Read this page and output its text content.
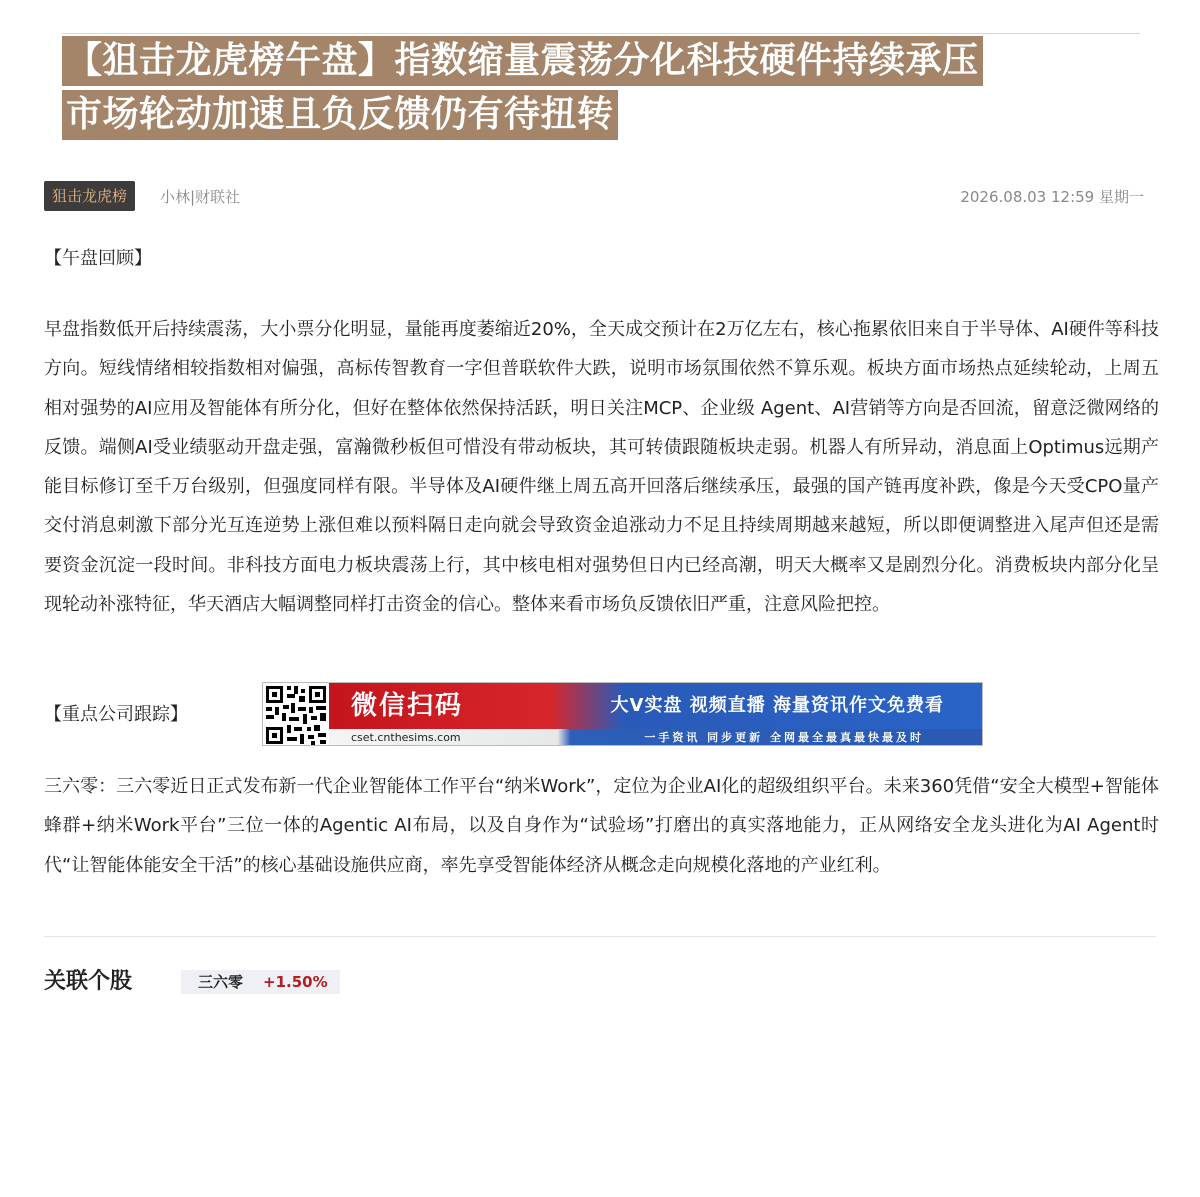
【狙击龙虎榜午盘】指数缩量震荡分化科技硬件持续承压
市场轮动加速且负反馈仍有待扭转
狙击龙虎榜	小林|财联社	2026.08.03 12:59 星期一
【午盘回顾】

早盘指数低开后持续震荡，大小票分化明显，量能再度萎缩近20%，全天成交预计在2万亿左右，核心拖累依旧来自于半导体、AI硬件等科技方向。短线情绪相较指数相对偏强，高标传智教育一字但普联软件大跌，说明市场氛围依然不算乐观。板块方面市场热点延续轮动，上周五相对强势的AI应用及智能体有所分化，但好在整体依然保持活跃，明日关注MCP、企业级 Agent、AI营销等方向是否回流，留意泛微网络的反馈。端侧AI受业绩驱动开盘走强，富瀚微秒板但可惜没有带动板块，其可转债跟随板块走弱。机器人有所异动，消息面上Optimus远期产能目标修订至千万台级别，但强度同样有限。半导体及AI硬件继上周五高开回落后继续承压，最强的国产链再度补跌，像是今天受CPO量产交付消息刺激下部分光互连逆势上涨但难以预料隔日走向就会导致资金追涨动力不足且持续周期越来越短，所以即便调整进入尾声但还是需要资金沉淀一段时间。非科技方面电力板块震荡上行，其中核电相对强势但日内已经高潮，明天大概率又是剧烈分化。消费板块内部分化呈现轮动补涨特征，华天酒店大幅调整同样打击资金的信心。整体来看市场负反馈依旧严重，注意风险把控。

【重点公司跟踪】	微信扫码	大V实盘 视频直播 海量资讯作文免费看
cset.cnthesims.com	一手资讯 同步更新 全网最全最真最快最及时

三六零：三六零近日正式发布新一代企业智能体工作平台“纳米Work”，定位为企业AI化的超级组织平台。未来360凭借“安全大模型+智能体蜂群+纳米Work平台”三位一体的Agentic AI布局，以及自身作为“试验场”打磨出的真实落地能力，正从网络安全龙头进化为AI Agent时代“让智能体能安全干活”的核心基础设施供应商，率先享受智能体经济从概念走向规模化落地的产业红利。

关联个股	三六零 +1.50%
